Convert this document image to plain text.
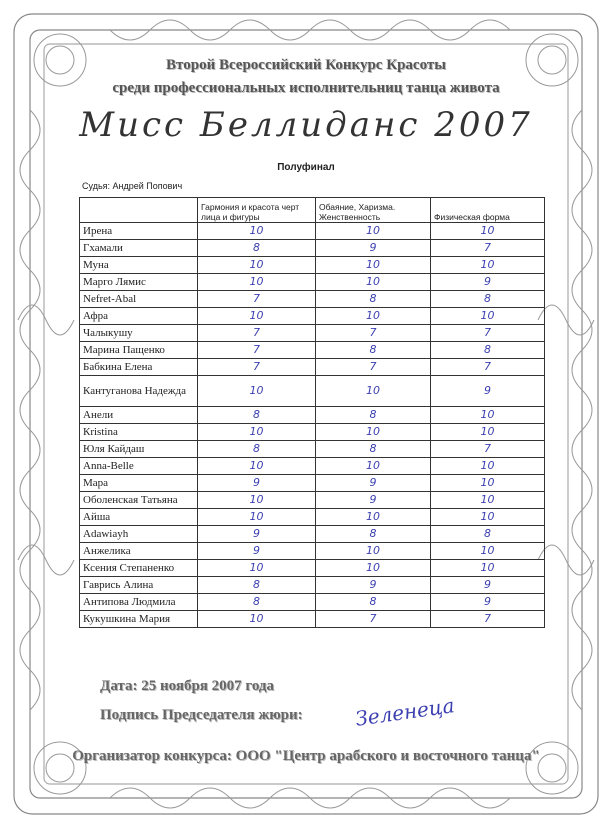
Второй Всероссийский Конкурс Красоты
среди профессиональных исполнительниц танца живота
Мисс Беллиданс 2007
Полуфинал
Судья: Андрей Попович
	Гармония и красота черт лица и фигуры	Обаяние, Харизма. Женственность	Физическая форма
Ирена	10	10	10
Гхамали	8	9	7
Муна	10	10	10
Марго Лямис	10	10	9
Nefret-Abal	7	8	8
Афра	10	10	10
Чалыкушу	7	7	7
Марина Пащенко	7	8	8
Бабкина Елена	7	7	7
Кантуганова Надежда	10	10	9
Анели	8	8	10
Кristina	10	10	10
Юля Кайдаш	8	8	7
Anna-Belle	10	10	10
Мара	9	9	10
Оболенская Татьяна	10	9	10
Айша	10	10	10
Adawiayh	9	8	8
Анжелика	9	10	10
Ксения Степаненко	10	10	10
Гаврись Алина	8	9	9
Антипова Людмила	8	8	9
Кукушкина Мария	10	7	7
Дата: 25 ноября 2007 года
Подпись Председателя жюри:	Зеленеца
Организатор конкурса: ООО "Центр арабского и восточного танца"
